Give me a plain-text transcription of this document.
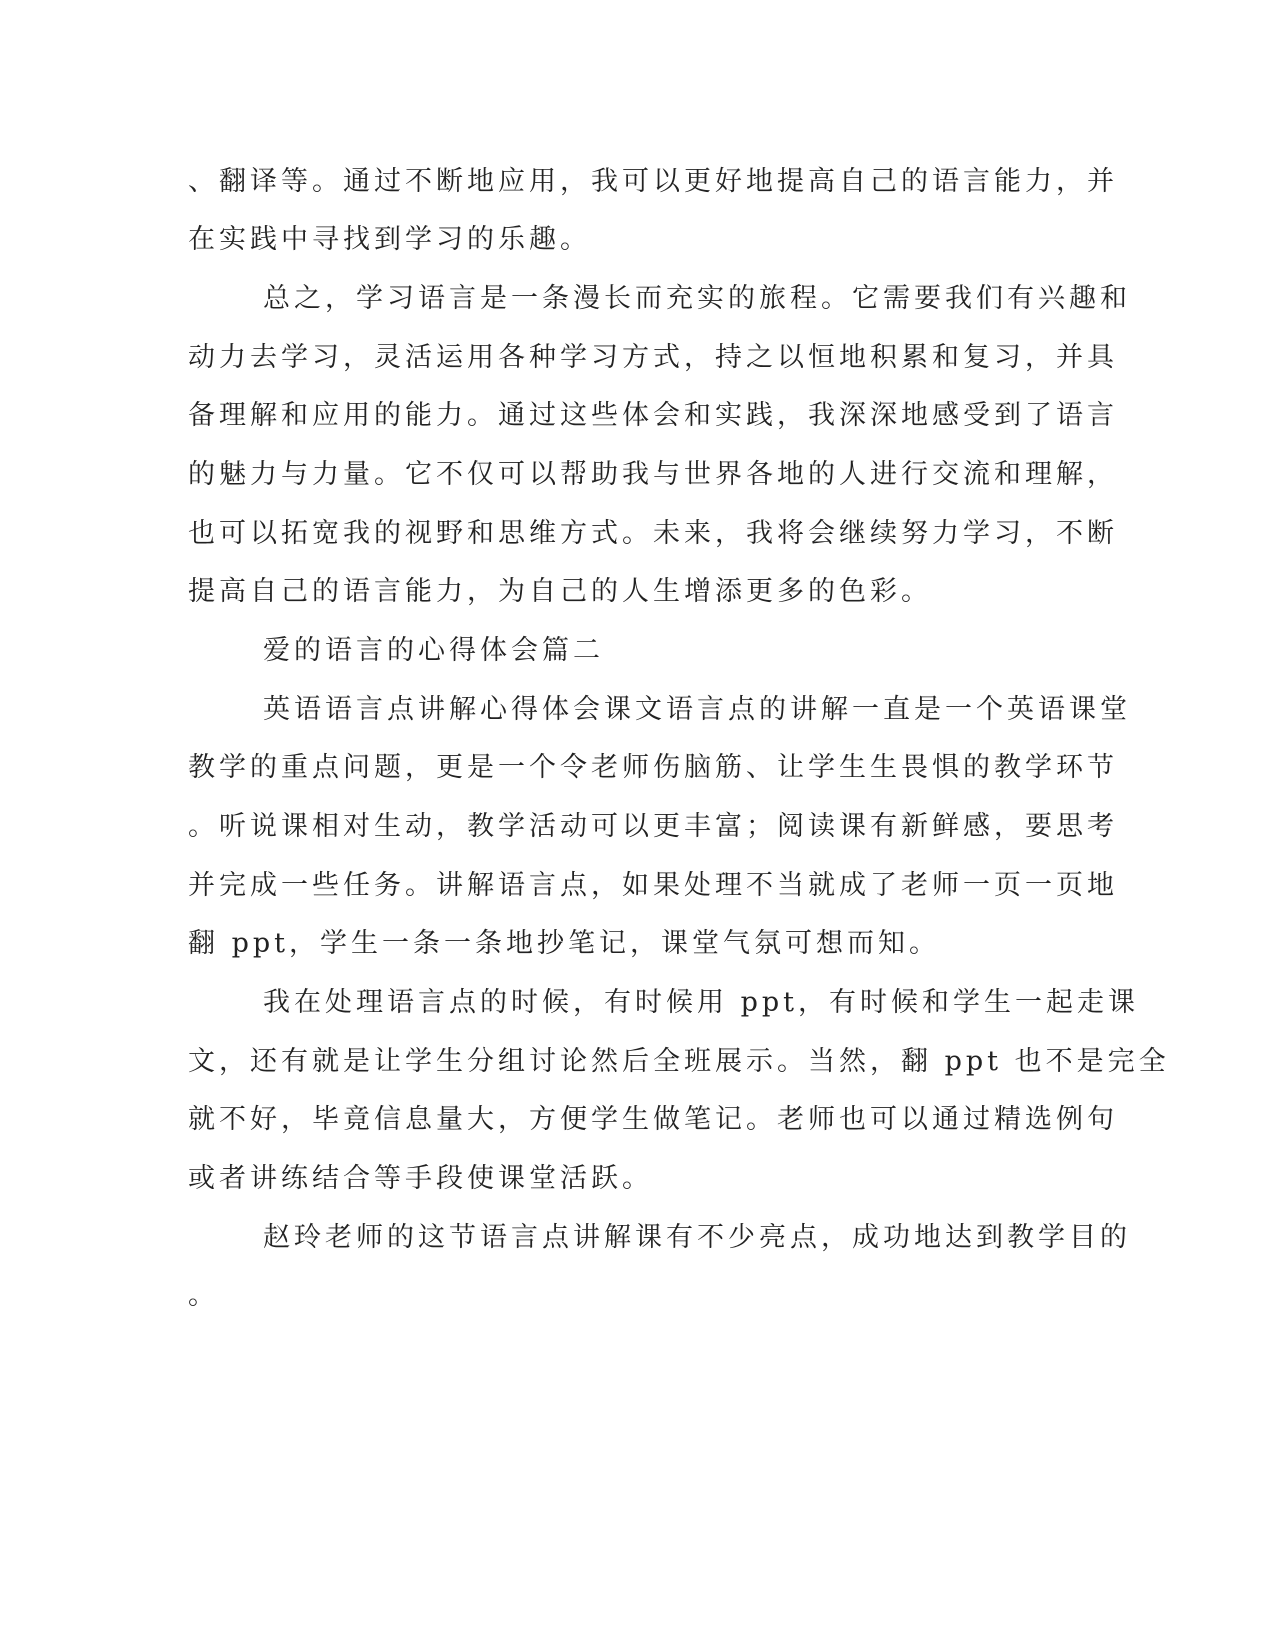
、翻译等。通过不断地应用，我可以更好地提高自己的语言能力，并

在实践中寻找到学习的乐趣。

总之，学习语言是一条漫长而充实的旅程。它需要我们有兴趣和

动力去学习，灵活运用各种学习方式，持之以恒地积累和复习，并具

备理解和应用的能力。通过这些体会和实践，我深深地感受到了语言

的魅力与力量。它不仅可以帮助我与世界各地的人进行交流和理解，

也可以拓宽我的视野和思维方式。未来，我将会继续努力学习，不断

提高自己的语言能力，为自己的人生增添更多的色彩。

爱的语言的心得体会篇二

英语语言点讲解心得体会课文语言点的讲解一直是一个英语课堂

教学的重点问题，更是一个令老师伤脑筋、让学生生畏惧的教学环节

。听说课相对生动，教学活动可以更丰富；阅读课有新鲜感，要思考

并完成一些任务。讲解语言点，如果处理不当就成了老师一页一页地

翻 ppt，学生一条一条地抄笔记，课堂气氛可想而知。

我在处理语言点的时候，有时候用 ppt，有时候和学生一起走课

文，还有就是让学生分组讨论然后全班展示。当然，翻 ppt 也不是完全

就不好，毕竟信息量大，方便学生做笔记。老师也可以通过精选例句

或者讲练结合等手段使课堂活跃。

赵玲老师的这节语言点讲解课有不少亮点，成功地达到教学目的

。
